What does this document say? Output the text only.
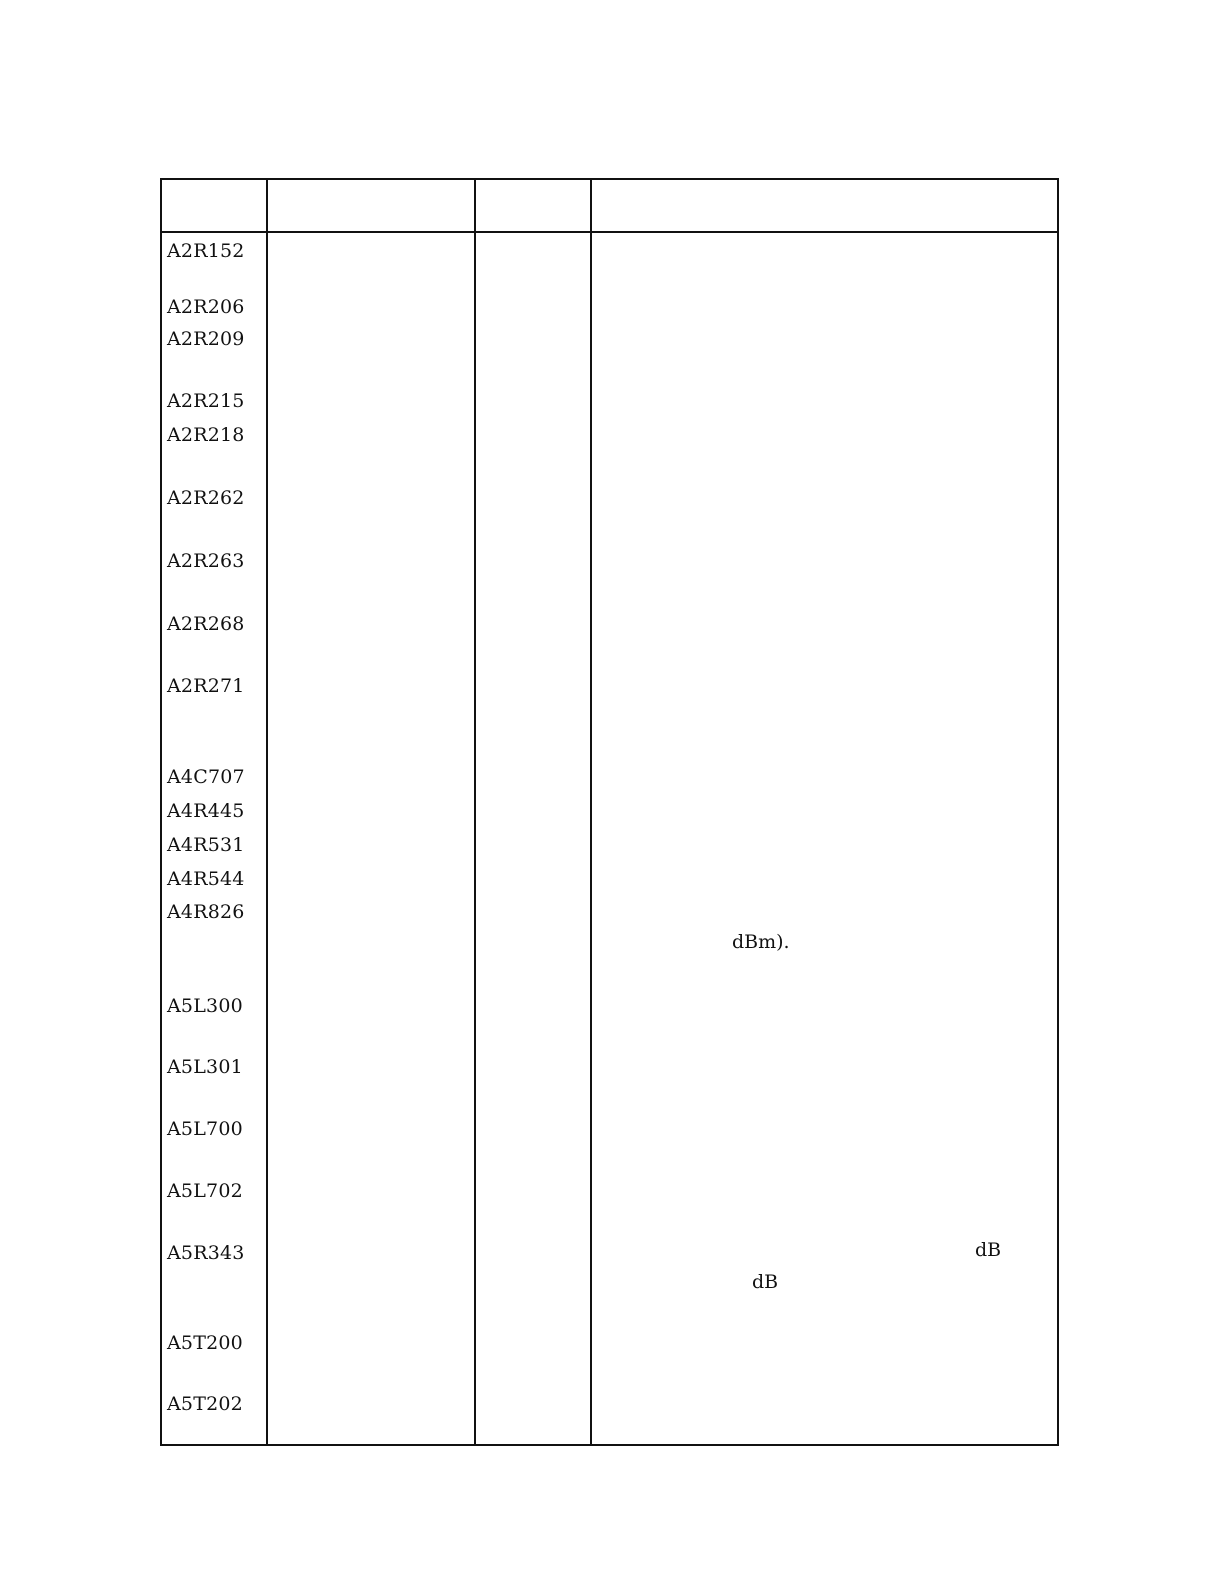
A2R152
A2R206
A2R209
A2R215
A2R218
A2R262
A2R263
A2R268
A2R271
A4C707
A4R445
A4R531
A4R544
A4R826
A5L300
A5L301
A5L700
A5L702
A5R343
A5T200
A5T202
dBm).
dB
dB
